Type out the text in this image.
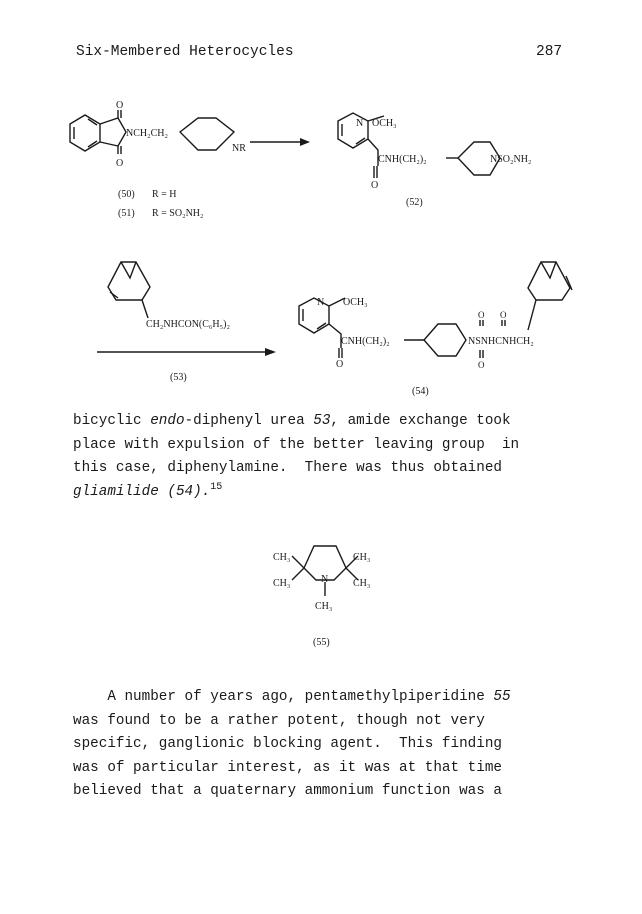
Six-Membered Heterocycles	287
O
O
NCH₂CH₂
NR
(50) R = H
(51) R = SO₂NH₂
N OCH₃
CNH(CH₂)₂
O
NSO₂NH₂
(52)
CH₂NHCON(C₆H₅)₂
(53)
N OCH₃
CNH(CH₂)₂
O
O O
NSNHCNHCH₂
O
(54)
CH₃
CH₃
CH₃
CH₃
N
CH₃
(55)
bicyclic endo-diphenyl urea 53, amide exchange took
place with expulsion of the better leaving group  in
this case, diphenylamine.  There was thus obtained
gliamilide (54).$^{15}$
A number of years ago, pentamethylpiperidine 55
was found to be a rather potent, though not very
specific, ganglionic blocking agent.  This finding
was of particular interest, as it was at that time
believed that a quaternary ammonium function was a
